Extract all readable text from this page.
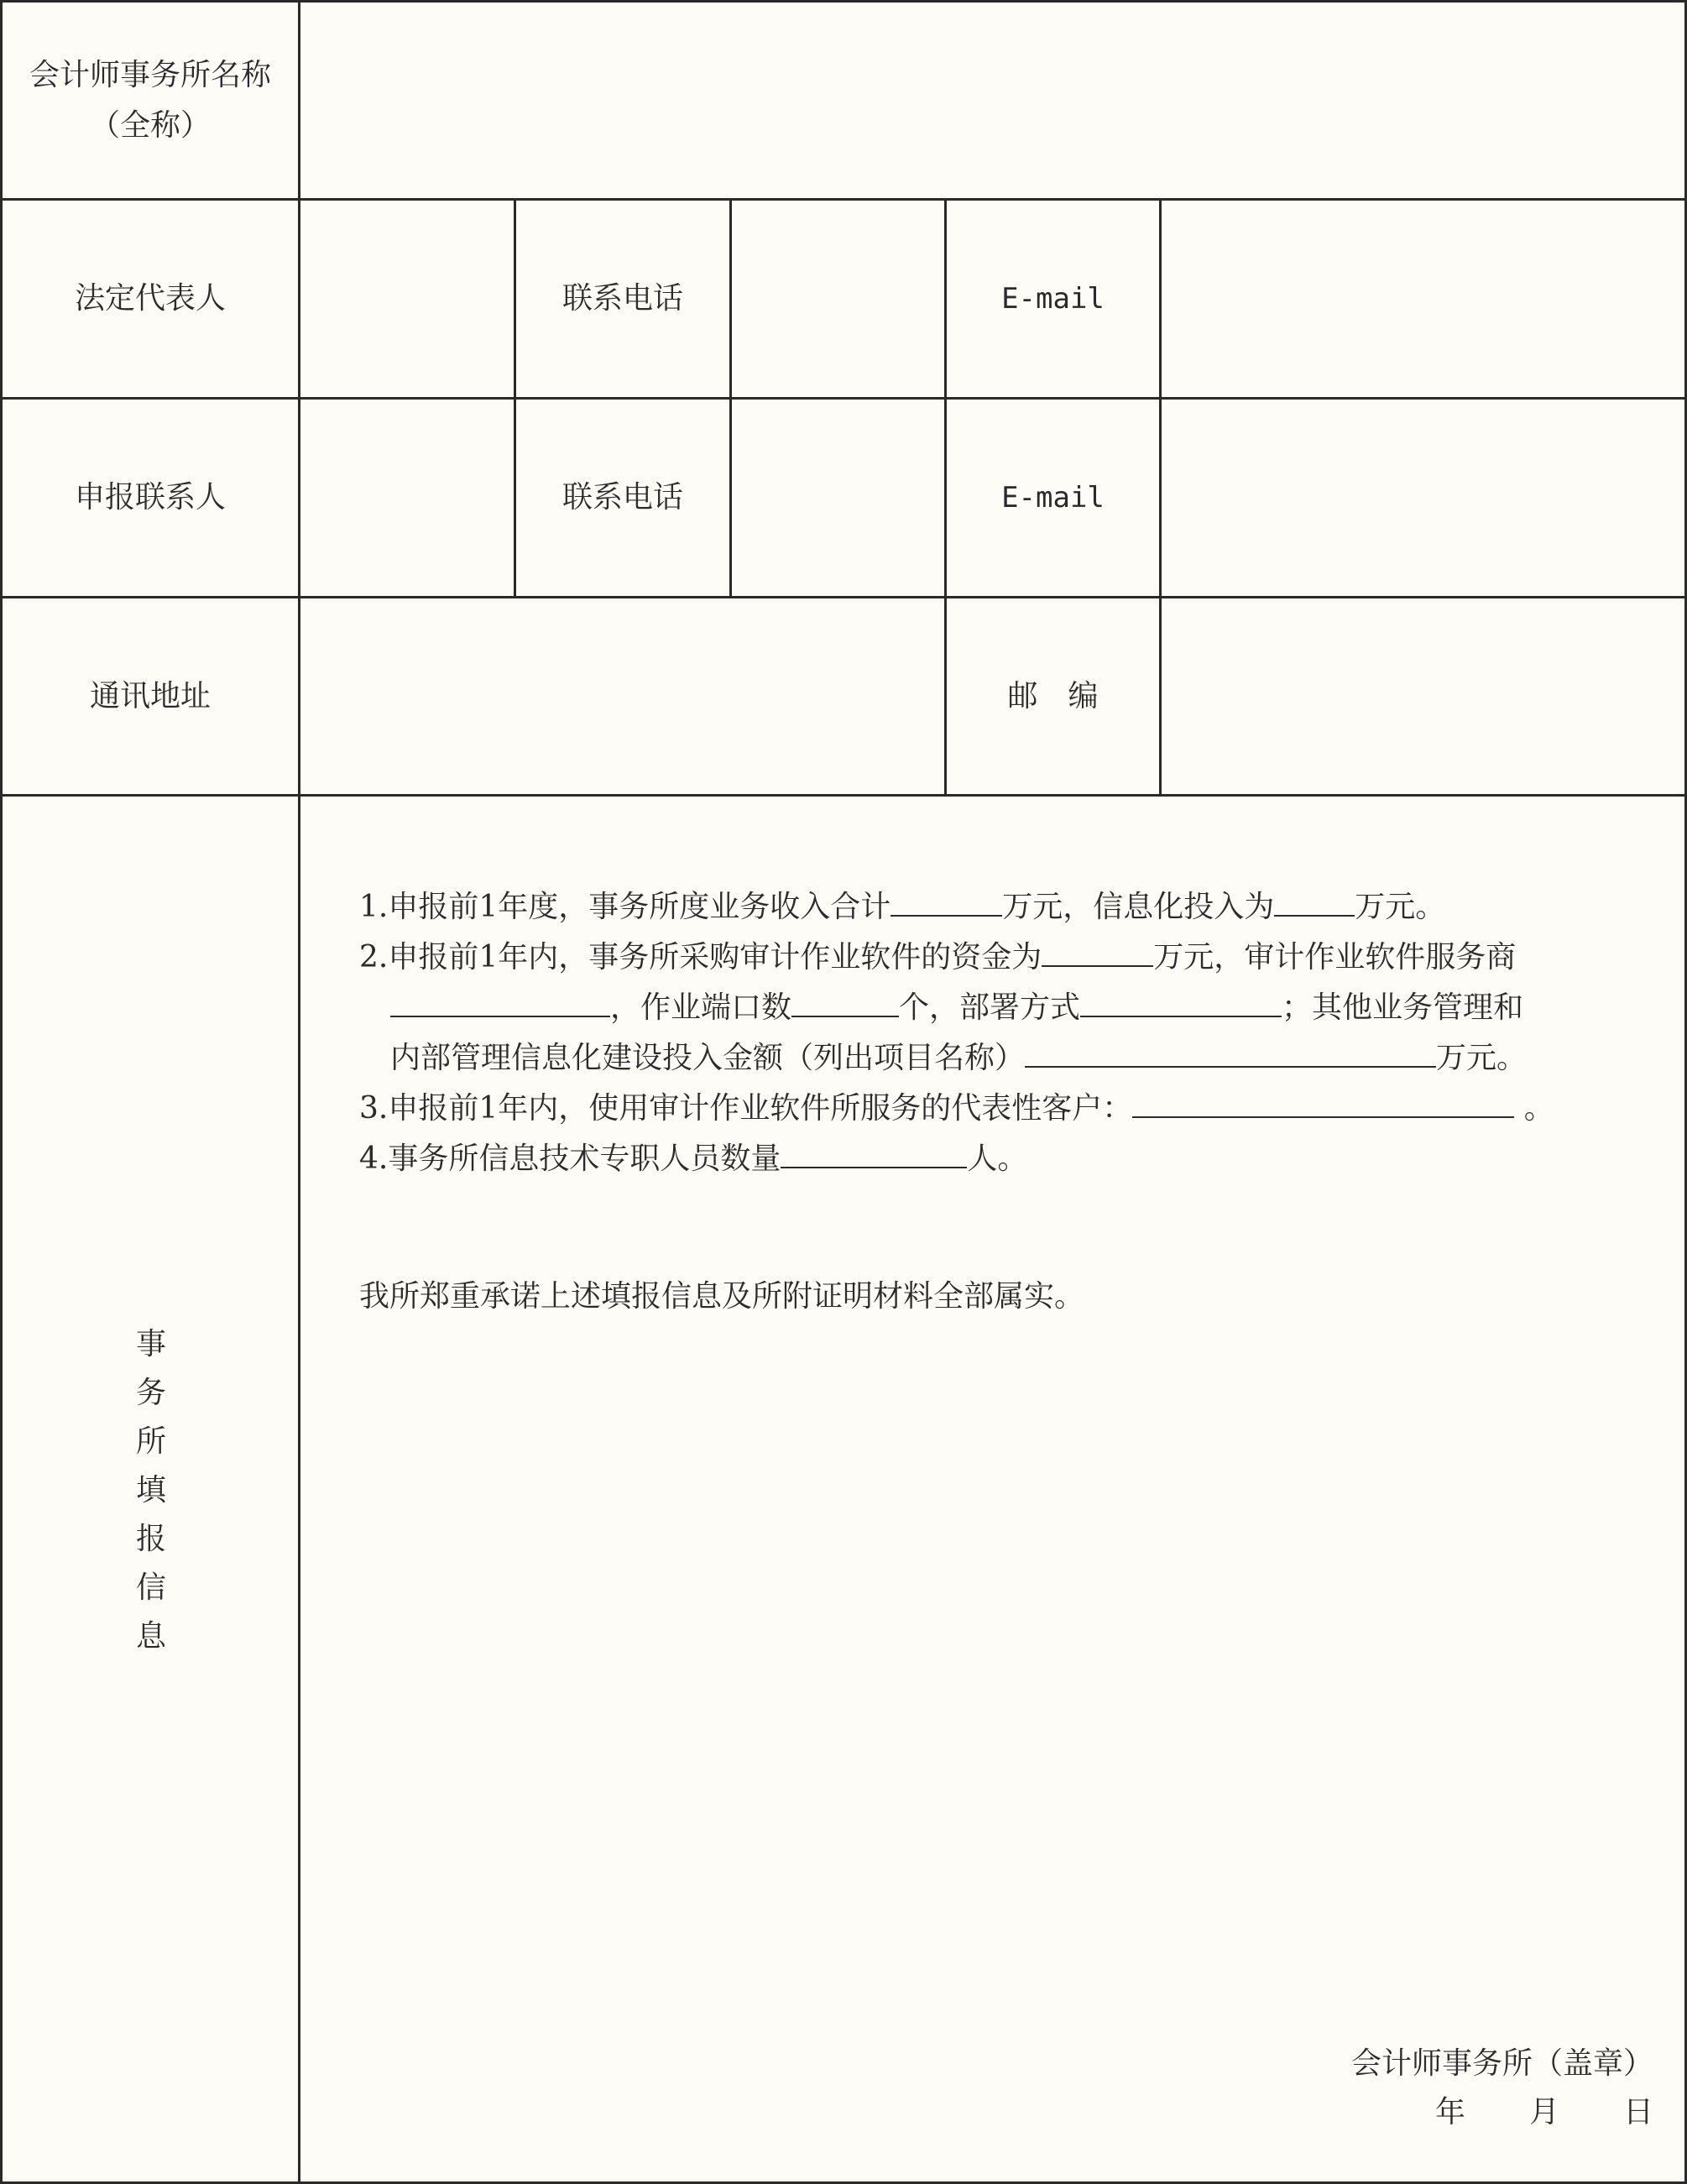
会计师事务所名称
（全称）
法定代表人	联系电话	E-mail
申报联系人	联系电话	E-mail
通讯地址	邮　编
事
务
所
填
报
信
息
1.申报前1年度，事务所度业务收入合计	万元，信息化投入为	万元。
2.申报前1年内，事务所采购审计作业软件的资金为	万元，审计作业软件服务商
，作业端口数	个，部署方式	；其他业务管理和
内部管理信息化建设投入金额（列出项目名称）	万元。
3.申报前1年内，使用审计作业软件所服务的代表性客户：	。
4.事务所信息技术专职人员数量	人。
我所郑重承诺上述填报信息及所附证明材料全部属实。
会计师事务所（盖章）
年 月 日
